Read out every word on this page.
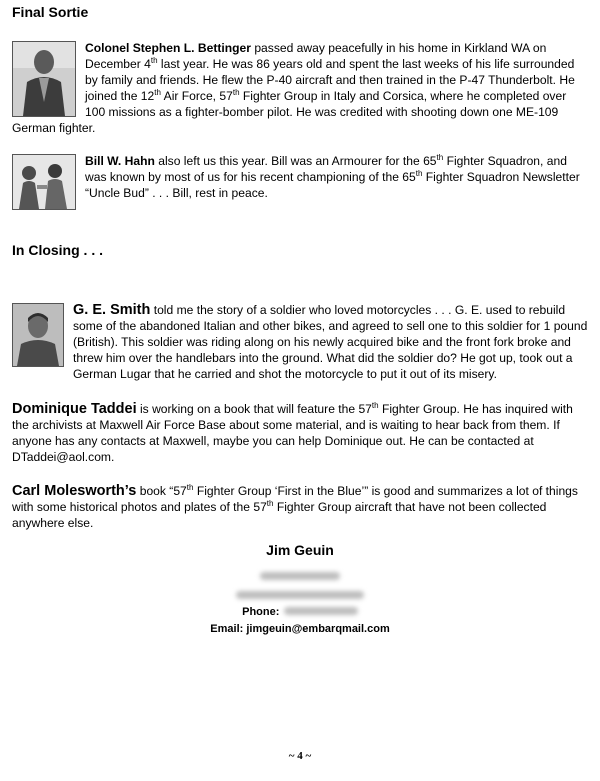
Final Sortie

Colonel Stephen L. Bettinger passed away peacefully in his home in Kirkland WA on December 4th last year. He was 86 years old and spent the last weeks of his life surrounded by family and friends. He flew the P-40 aircraft and then trained in the P-47 Thunderbolt. He joined the 12th Air Force, 57th Fighter Group in Italy and Corsica, where he completed over 100 missions as a fighter-bomber pilot. He was credited with shooting down one ME-109 German fighter.

Bill W. Hahn also left us this year. Bill was an Armourer for the 65th Fighter Squadron, and was known by most of us for his recent championing of the 65th Fighter Squadron Newsletter “Uncle Bud” . . . Bill, rest in peace.

In Closing . . .

G. E. Smith told me the story of a soldier who loved motorcycles . . . G. E. used to rebuild some of the abandoned Italian and other bikes, and agreed to sell one to this soldier for 1 pound (British). This soldier was riding along on his newly acquired bike and the front fork broke and threw him over the handlebars into the ground. What did the soldier do? He got up, took out a German Lugar that he carried and shot the motorcycle to put it out of its misery.

Dominique Taddei is working on a book that will feature the 57th Fighter Group. He has inquired with the archivists at Maxwell Air Force Base about some material, and is waiting to hear back from them. If anyone has any contacts at Maxwell, maybe you can help Dominique out. He can be contacted at DTaddei@aol.com.

Carl Molesworth’s book “57th Fighter Group ‘First in the Blue’” is good and summarizes a lot of things with some historical photos and plates of the 57th Fighter Group aircraft that have not been collected anywhere else.

Jim Geuin

Phone:

Email: jimgeuin@embarqmail.com

~ 4 ~
